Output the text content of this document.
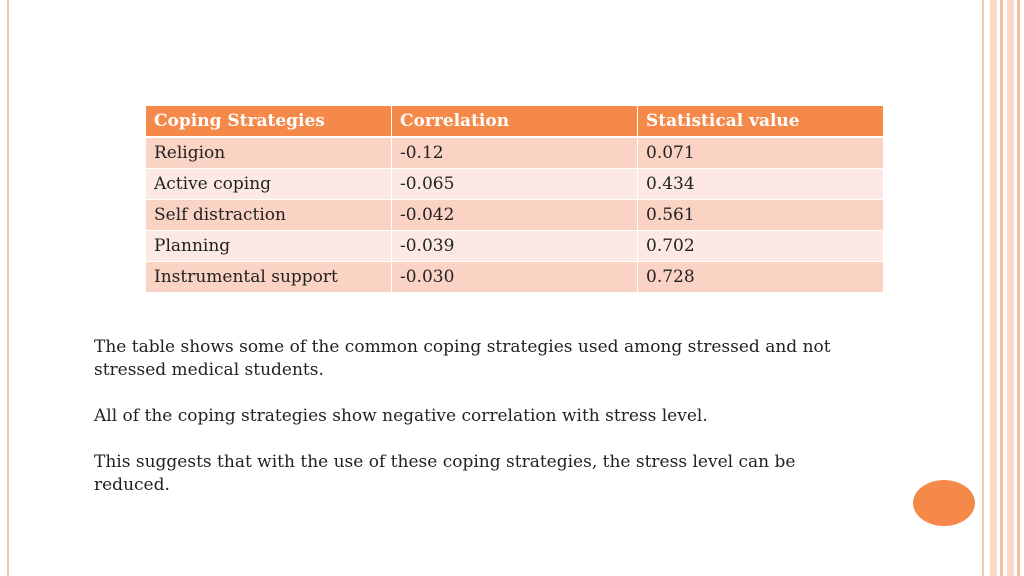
Coping Strategies	Correlation	Statistical value
Religion	-0.12	0.071
Active coping	-0.065	0.434
Self distraction	-0.042	0.561
Planning	-0.039	0.702
Instrumental support	-0.030	0.728

The table shows some of the common coping strategies used among stressed and not stressed medical students.

All of the coping strategies show negative correlation with stress level.

This suggests that with the use of these coping strategies, the stress level can be reduced.
